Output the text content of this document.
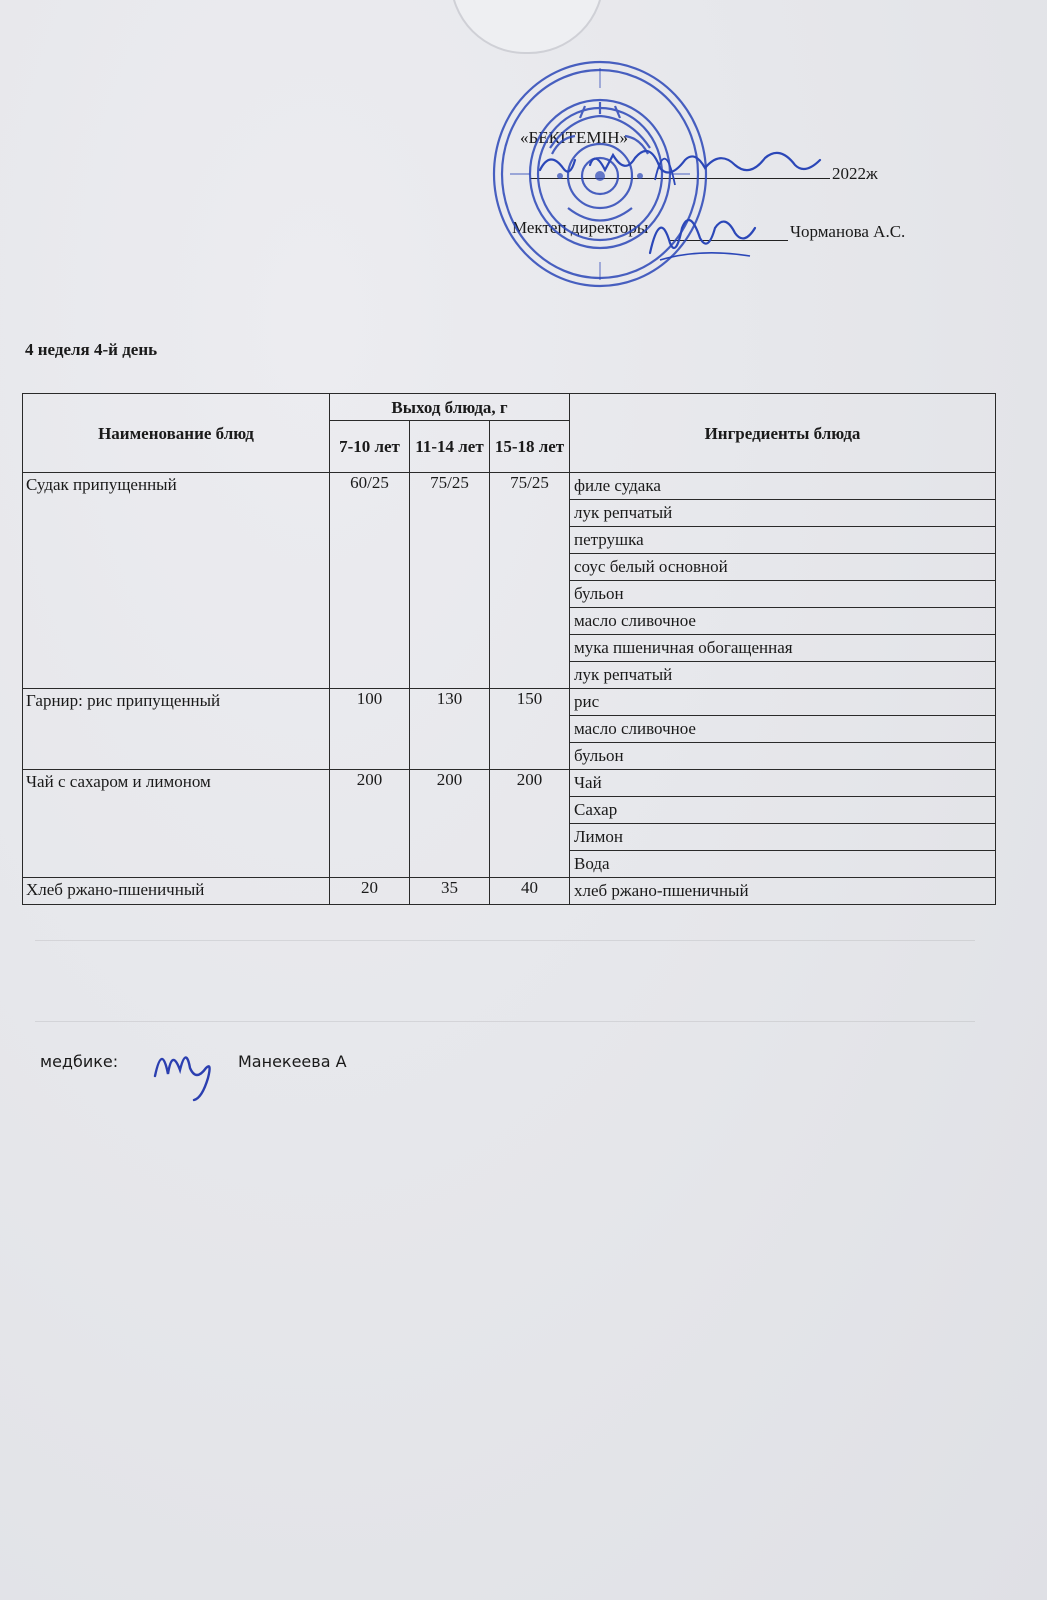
«БЕКІТЕМІН»
2022ж
Мектеп директоры	Чорманова А.С.
4 неделя 4-й день
Наименование блюд	Выход блюда, г			Ингредиенты блюда
	7-10 лет	11-14 лет	15-18 лет	
Судак припущенный	60/25	75/25	75/25	филе судака
				лук репчатый
				петрушка
				соус белый основной
				бульон
				масло сливочное
				мука пшеничная обогащенная
				лук репчатый
Гарнир: рис припущенный	100	130	150	рис
				масло сливочное
				бульон
Чай с сахаром и лимоном	200	200	200	Чай
				Сахар
				Лимон
				Вода
Хлеб ржано-пшеничный	20	35	40	хлеб ржано-пшеничный
медбике:	Манекеева А
